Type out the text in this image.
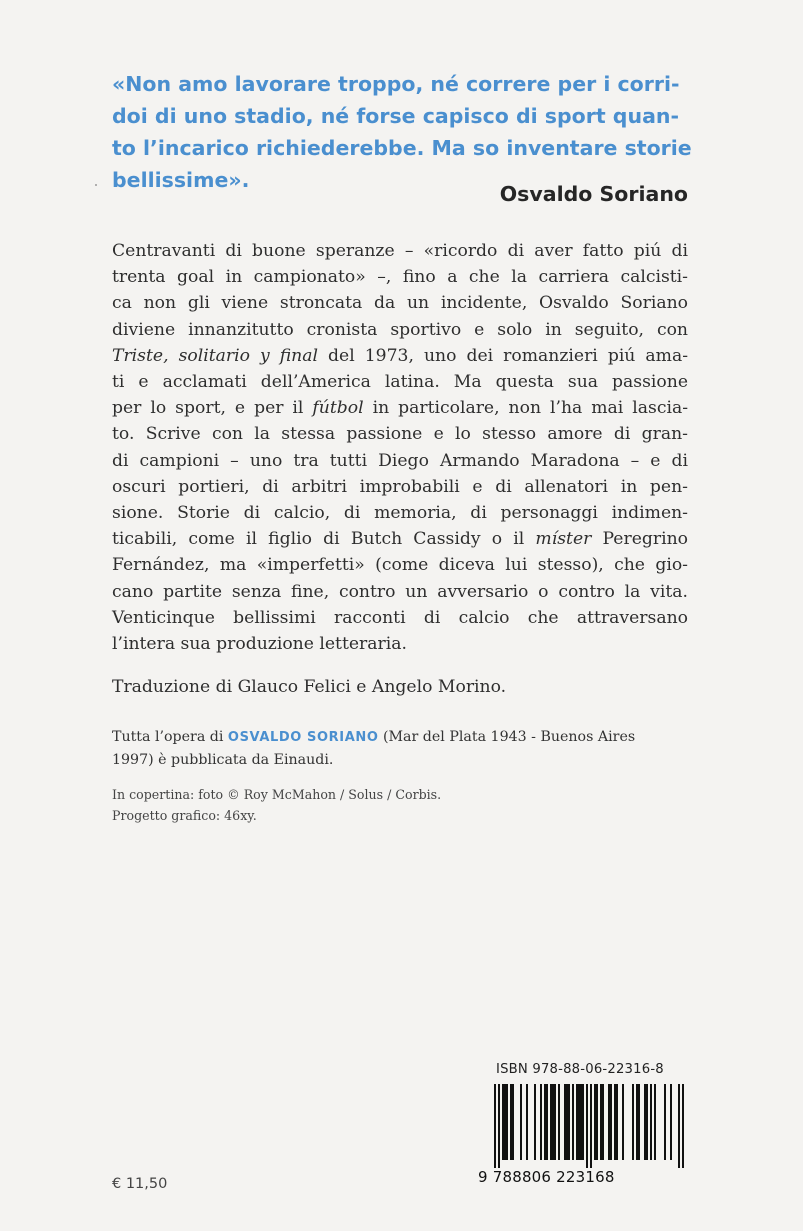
«Non amo lavorare troppo, né correre per i corri-
doi di uno stadio, né forse capisco di sport quan-
to l’incarico richiederebbe. Ma so inventare storie
bellissime».
Osvaldo Soriano
Centravanti di buone speranze – «ricordo di aver fatto piú di
trenta goal in campionato» –, fino a che la carriera calcisti-
ca non gli viene stroncata da un incidente, Osvaldo Soriano
diviene innanzitutto cronista sportivo e solo in seguito, con
Triste, solitario y final del 1973, uno dei romanzieri piú ama-
ti e acclamati dell’America latina. Ma questa sua passione
per lo sport, e per il fútbol in particolare, non l’ha mai lasciа-
to. Scrive con la stessa passione e lo stesso amore di gran-
di campioni – uno tra tutti Diego Armando Maradona – e di
oscuri portieri, di arbitri improbabili e di allenatori in pen-
sione. Storie di calcio, di memoria, di personaggi indimen-
ticabili, come il figlio di Butch Cassidy o il míster Peregrino
Fernández, ma «imperfetti» (come diceva lui stesso), che gio-
cano partite senza fine, contro un avversario o contro la vita.
Venticinque bellissimi racconti di calcio che attraversano
l’intera sua produzione letteraria.
Traduzione di Glauco Felici e Angelo Morino.
Tutta l’opera di OSVALDO SORIANO (Mar del Plata 1943 - Buenos Aires
1997) è pubblicata da Einaudi.
In copertina: foto © Roy McMahon / Solus / Corbis.
Progetto grafico: 46xy.
€ 11,50
ISBN 978-88-06-22316-8
9 788806 223168
